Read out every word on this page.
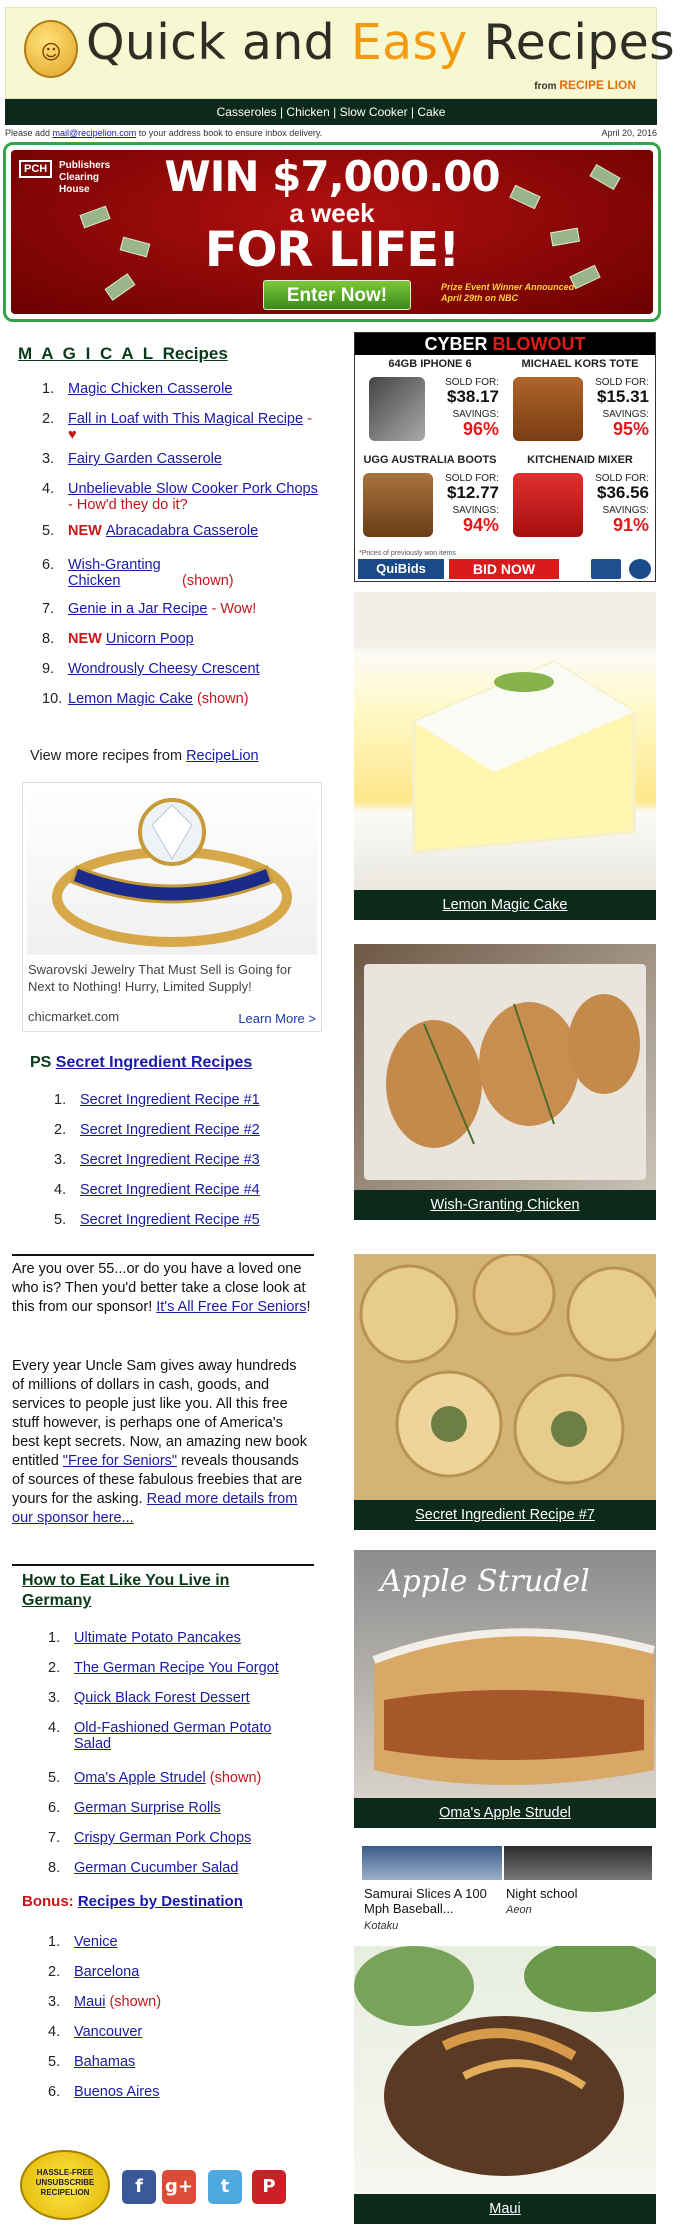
☺ Quick and Easy Recipes
from RECIPE LION
Casseroles | Chicken | Slow Cooker | Cake
Please add mail@recipelion.com to your address book to ensure inbox delivery.	April 20, 2016
PCH Publishers
Clearing
House	WIN $7,000.00
a week
FOR LIFE!
Enter Now!	Prize Event Winner Announced
April 29th on NBC
M A G I C A L Recipes
1. Magic Chicken Casserole
2. Fall in Loaf with This Magical Recipe - ♥
3. Fairy Garden Casserole
4. Unbelievable Slow Cooker Pork Chops - How'd they do it?
5. NEW Abracadabra Casserole
6. Wish-Granting Chicken	(shown)
7. Genie in a Jar Recipe - Wow!
8. NEW Unicorn Poop
9. Wondrously Cheesy Crescent
10. Lemon Magic Cake (shown)
View more recipes from RecipeLion
Swarovski Jewelry That Must Sell is Going for Next to Nothing! Hurry, Limited Supply!
chicmarket.com	Learn More >
PS Secret Ingredient Recipes
1. Secret Ingredient Recipe #1
2. Secret Ingredient Recipe #2
3. Secret Ingredient Recipe #3
4. Secret Ingredient Recipe #4
5. Secret Ingredient Recipe #5
Are you over 55...or do you have a loved one who is? Then you'd better take a close look at this from our sponsor! It's All Free For Seniors!
Every year Uncle Sam gives away hundreds of millions of dollars in cash, goods, and services to people just like you. All this free stuff however, is perhaps one of America's best kept secrets. Now, an amazing new book entitled "Free for Seniors" reveals thousands of sources of these fabulous freebies that are yours for the asking. Read more details from our sponsor here...
How to Eat Like You Live in Germany
1. Ultimate Potato Pancakes
2. The German Recipe You Forgot
3. Quick Black Forest Dessert
4. Old-Fashioned German Potato Salad
5. Oma's Apple Strudel (shown)
6. German Surprise Rolls
7. Crispy German Pork Chops
8. German Cucumber Salad
Bonus: Recipes by Destination
1. Venice
2. Barcelona
3. Maui (shown)
4. Vancouver
5. Bahamas
6. Buenos Aires
HASSLE-FREE
UNSUBSCRIBE
RECIPELION	f	g+	t	P
CYBER BLOWOUT
64GB IPHONE 6
SOLD FOR:
$38.17
SAVINGS:
96%
MICHAEL KORS TOTE
SOLD FOR:
$15.31
SAVINGS:
95%
UGG AUSTRALIA BOOTS
SOLD FOR:
$12.77
SAVINGS:
94%
KITCHENAID MIXER
SOLD FOR:
$36.56
SAVINGS:
91%
*Prices of previously won items
QuiBids	BID NOW
Lemon Magic Cake
Wish-Granting Chicken
Secret Ingredient Recipe #7
Apple Strudel
Oma's Apple Strudel
Samurai Slices A 100 Mph Baseball...
Kotaku
Night school
Aeon
Maui
